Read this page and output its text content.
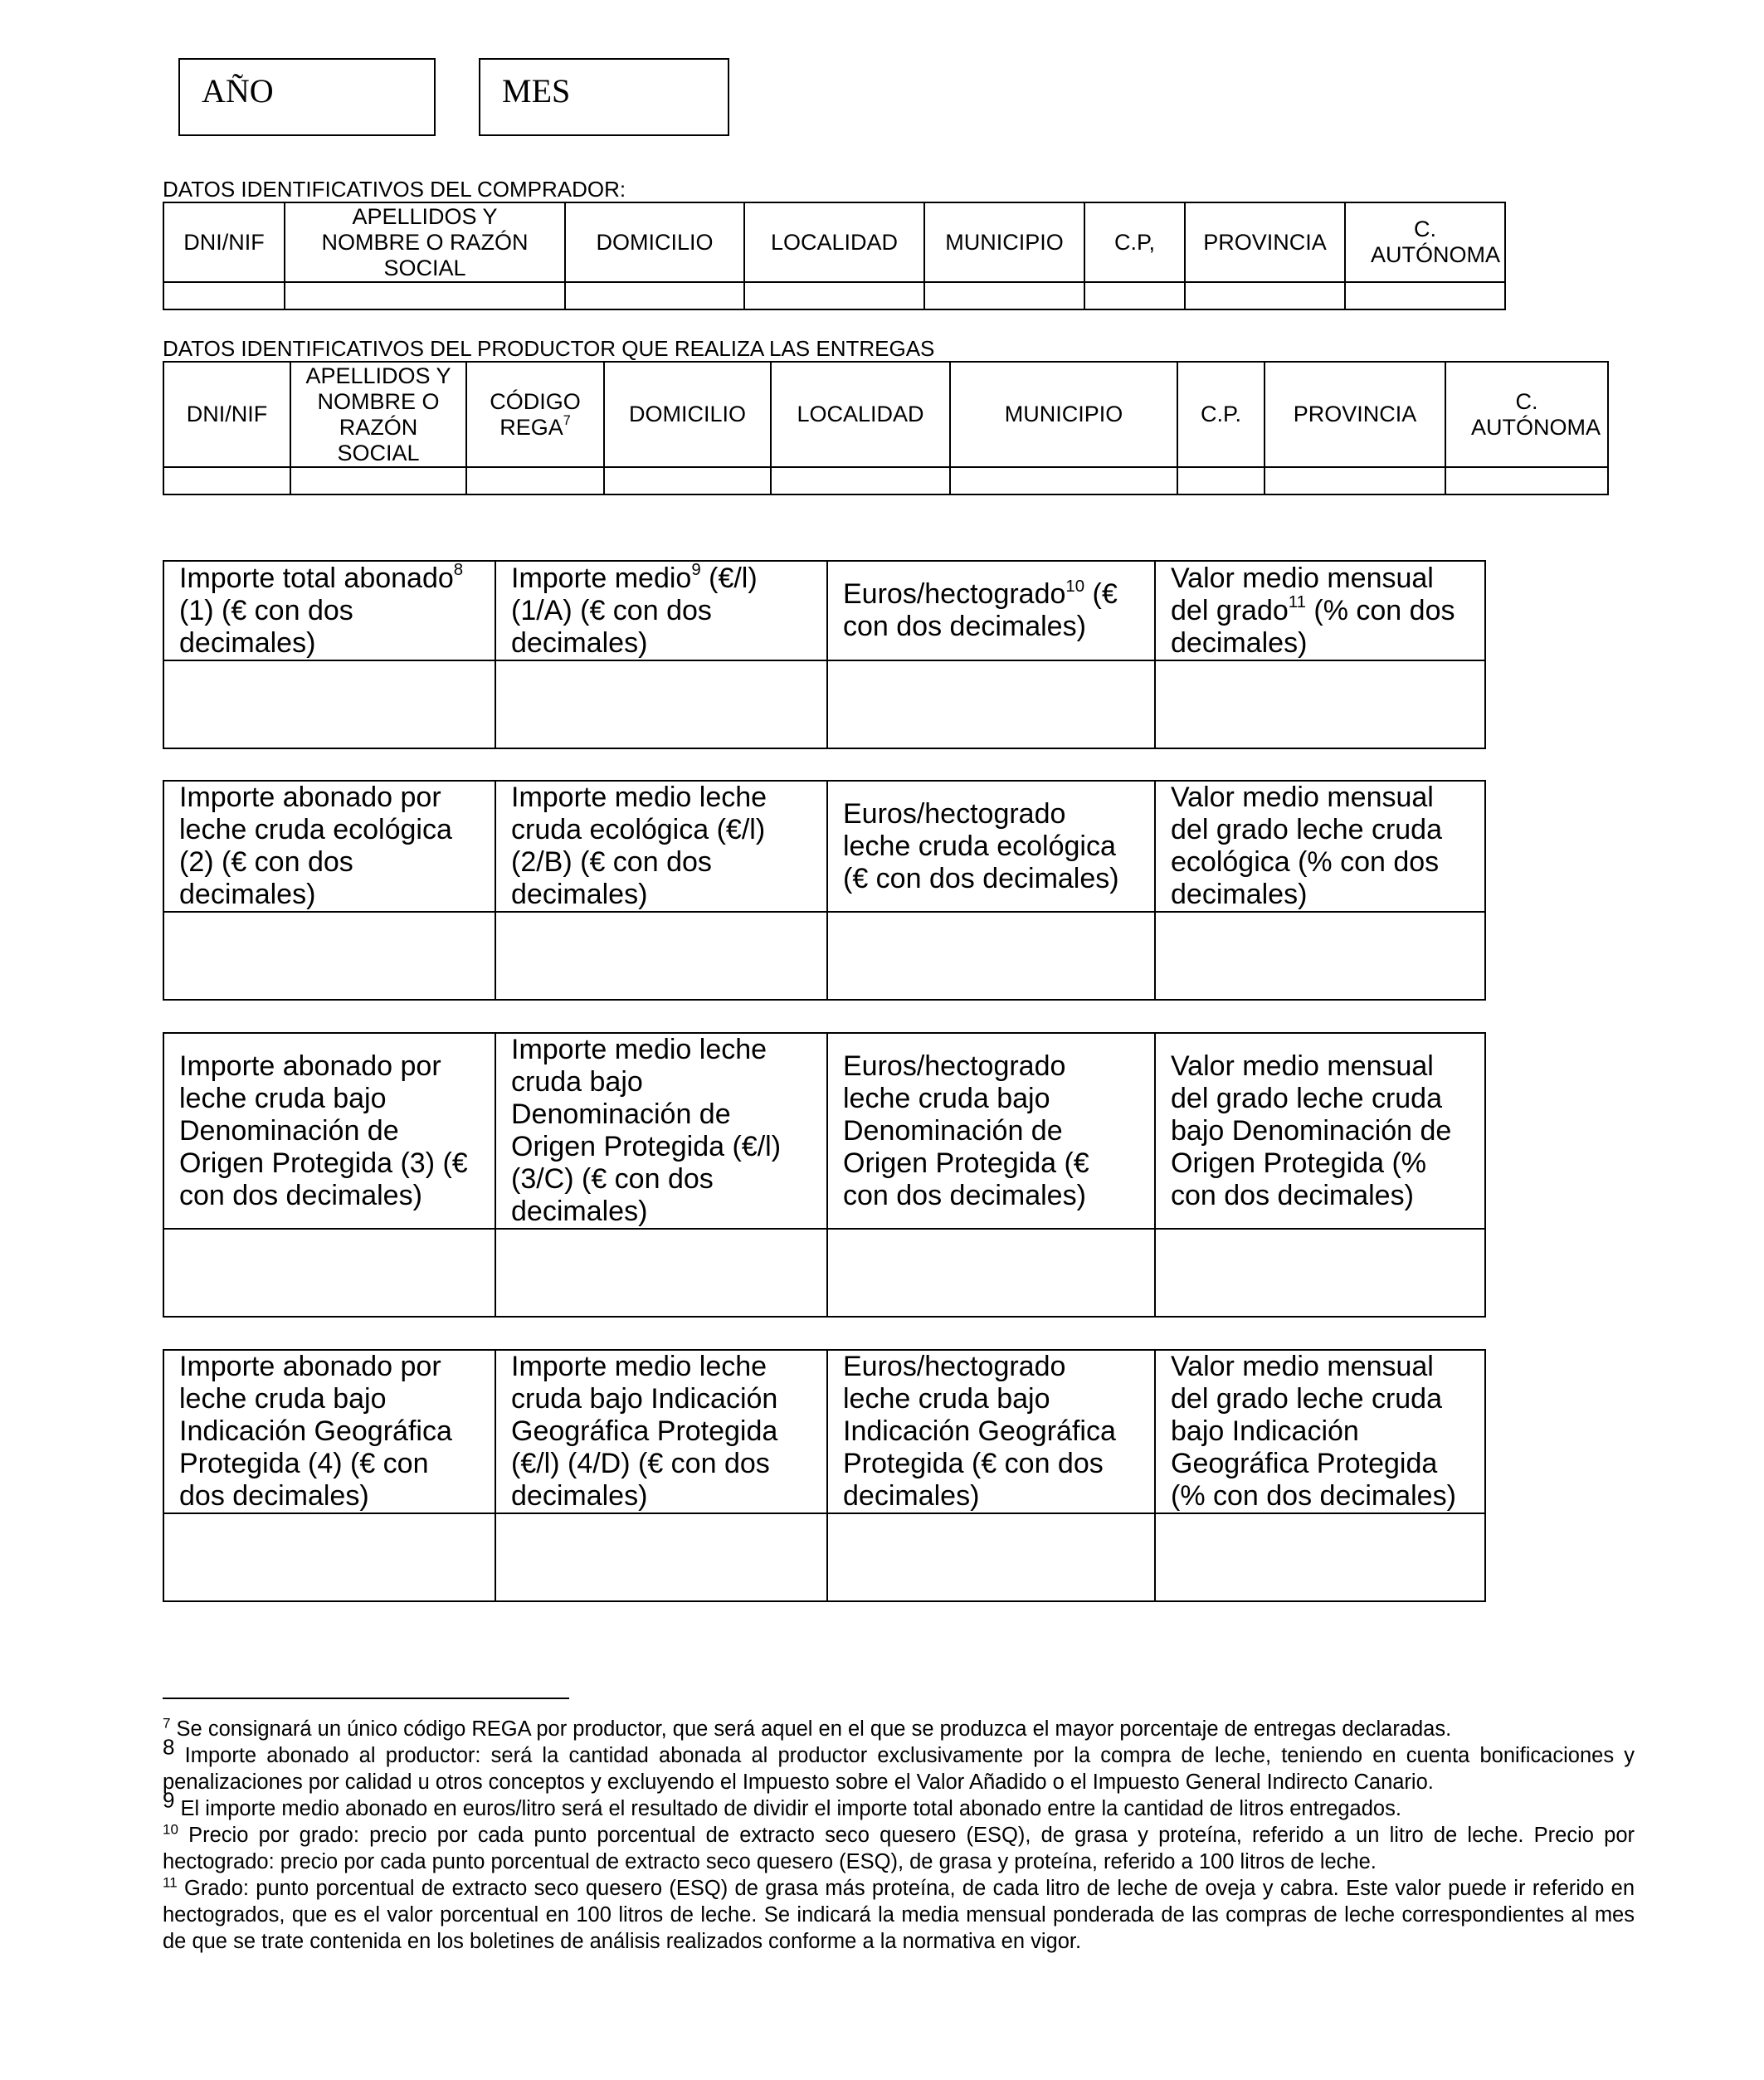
AÑO	MES
DATOS IDENTIFICATIVOS DEL COMPRADOR:
DNI/NIF	APELLIDOS Y NOMBRE O RAZÓN SOCIAL	DOMICILIO	LOCALIDAD	MUNICIPIO	C.P,	PROVINCIA	C. AUTÓNOMA

DATOS IDENTIFICATIVOS DEL PRODUCTOR QUE REALIZA LAS ENTREGAS
DNI/NIF	APELLIDOS Y NOMBRE O RAZÓN SOCIAL	CÓDIGO REGA$^7$	DOMICILIO	LOCALIDAD	MUNICIPIO	C.P.	PROVINCIA	C. AUTÓNOMA

Importe total abonado$^8$ (1) (€ con dos decimales)	Importe medio$^9$ (€/l) (1/A) (€ con dos decimales)	Euros/hectogrado$^{10}$ (€ con dos decimales)	Valor medio mensual del grado$^{11}$ (% con dos decimales)

Importe abonado por leche cruda ecológica (2) (€ con dos decimales)	Importe medio leche cruda ecológica (€/l) (2/B) (€ con dos decimales)	Euros/hectogrado leche cruda ecológica (€ con dos decimales)	Valor medio mensual del grado leche cruda ecológica (% con dos decimales)

Importe abonado por leche cruda bajo Denominación de Origen Protegida (3) (€ con dos decimales)	Importe medio leche cruda bajo Denominación de Origen Protegida (€/l) (3/C) (€ con dos decimales)	Euros/hectogrado leche cruda bajo Denominación de Origen Protegida (€ con dos decimales)	Valor medio mensual del grado leche cruda bajo Denominación de Origen Protegida (% con dos decimales)

Importe abonado por leche cruda bajo Indicación Geográfica Protegida (4) (€ con dos decimales)	Importe medio leche cruda bajo Indicación Geográfica Protegida (€/l) (4/D) (€ con dos decimales)	Euros/hectogrado leche cruda bajo Indicación Geográfica Protegida (€ con dos decimales)	Valor medio mensual del grado leche cruda bajo Indicación Geográfica Protegida (% con dos decimales)

$^7$ Se consignará un único código REGA por productor, que será aquel en el que se produzca el mayor porcentaje de entregas declaradas.

8 Importe abonado al productor: será la cantidad abonada al productor exclusivamente por la compra de leche, teniendo en cuenta bonificaciones y penalizaciones por calidad u otros conceptos y excluyendo el Impuesto sobre el Valor Añadido o el Impuesto General Indirecto Canario.

9 El importe medio abonado en euros/litro será el resultado de dividir el importe total abonado entre la cantidad de litros entregados.

$^{10}$ Precio por grado: precio por cada punto porcentual de extracto seco quesero (ESQ), de grasa y proteína, referido a un litro de leche. Precio por hectogrado: precio por cada punto porcentual de extracto seco quesero (ESQ), de grasa y proteína, referido a 100 litros de leche.

$^{11}$ Grado: punto porcentual de extracto seco quesero (ESQ) de grasa más proteína, de cada litro de leche de oveja y cabra. Este valor puede ir referido en hectogrados, que es el valor porcentual en 100 litros de leche. Se indicará la media mensual ponderada de las compras de leche correspondientes al mes de que se trate contenida en los boletines de análisis realizados conforme a la normativa en vigor.
